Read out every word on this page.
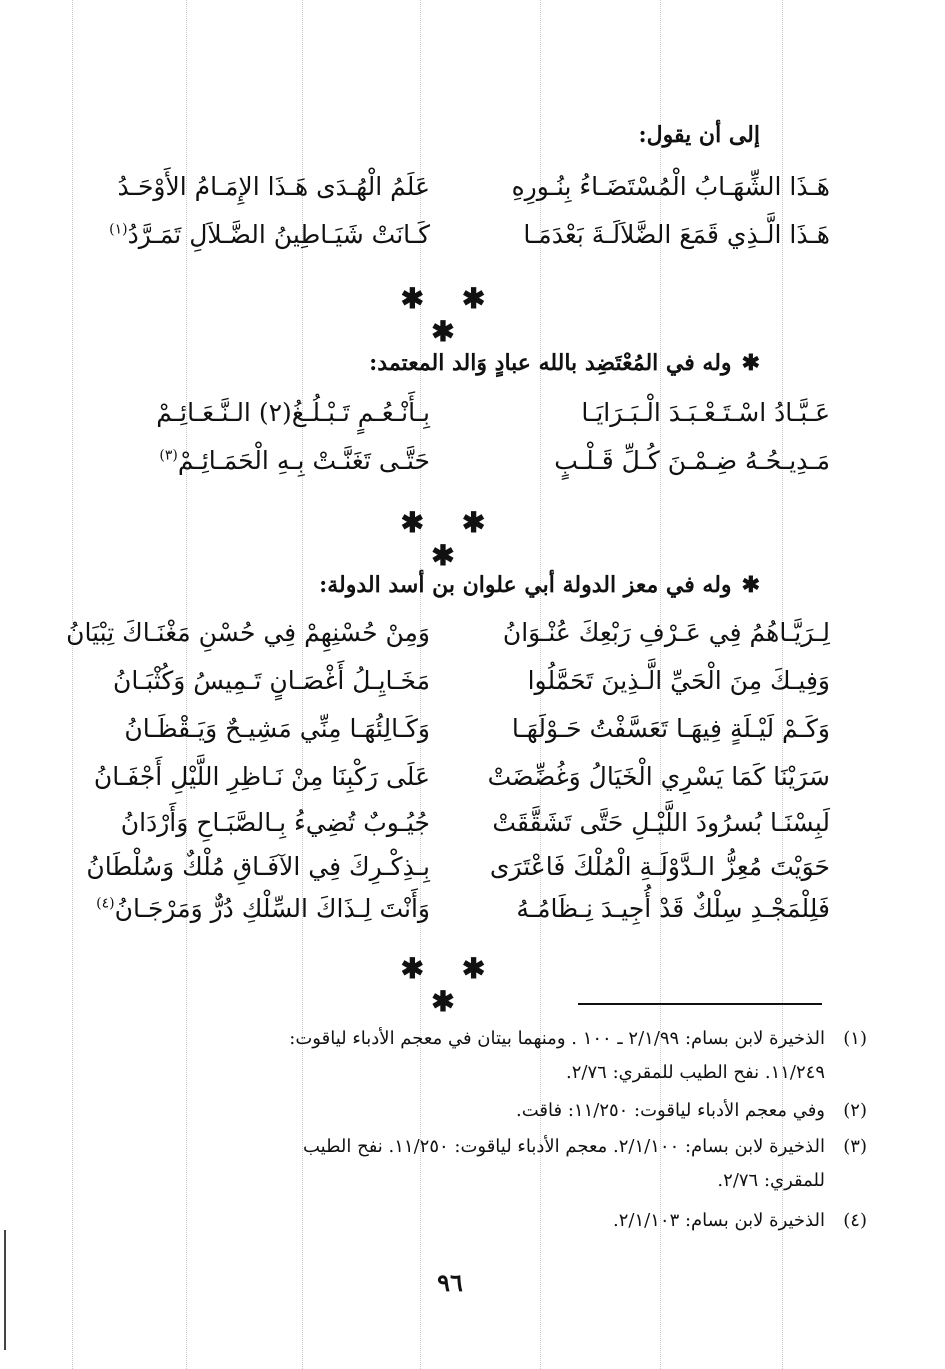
إلى أن يقول:
هَـذَا الشِّهَـابُ الْمُسْتَضَـاءُ بِنُـورِهِ
عَلَمُ الْهُـدَى هَـذَا الإِمَـامُ الأَوْحَـدُ
هَـذَا الَّـذِي قَمَعَ الضَّلاَلَـةَ بَعْدَمَـا
كَـانَتْ شَيَـاطِينُ الضَّـلاَلِ تَمَـرَّدُ$^{(١)}$
✱ ✱ ✱
✱وله في المُعْتَضِد بالله عبادٍ وَالد المعتمد:
عَـبَّـادُ اسْـتَـعْـبَـدَ الْـبَـرَايَـا
بِـأَنْـعُـمٍ تَـبْـلُـغُ(٢) الـنَّـعَـائِـمْ
مَـدِيـحُـهُ ضِـمْـنَ كُـلِّ قَـلْـبٍ
حَتَّـى تَغَنَّـتْ بِـهِ الْحَمَـائِـمْ$^{(٣)}$
✱ ✱ ✱
✱وله في معز الدولة أبي علوان بن أسد الدولة:
لِـرَيَّـاهُمُ فِي عَـرْفِ رَبْعِكَ عُنْـوَانُ
وَمِنْ حُسْنِهِمْ فِي حُسْنِ مَغْنَـاكَ تِبْيَانُ
وَفِيـكَ مِنَ الْحَيِّ الَّـذِينَ تَحَمَّلُوا
مَخَـايِـلُ أَغْصَـانٍ تَـمِيسُ وَكُثْبَـانُ
وَكَـمْ لَيْـلَةٍ فِيهَـا تَعَسَّفْتُ حَـوْلَهَـا
وَكَـالِئُهَـا مِنِّي مَشِيـحٌ وَيَـقْظَـانُ
سَرَيْنَا كَمَا يَسْرِي الْخَيَالُ وَغُضِّضَتْ
عَلَى رَكْبِنَا مِنْ نَـاظِرِ اللَّيْلِ أَجْفَـانُ
لَبِسْنَـا بُسرُودَ اللَّيْـلِ حَتَّى تَشَقَّقَتْ
جُيُـوبٌ تُضِيءُ بِـالصَّبَـاحِ وَأَرْدَانُ
حَوَيْتَ مُعِزُّ الـدَّوْلَـةِ الْمُلْكَ فَاعْتَرَى
بِـذِكْـرِكَ فِي الآفَـاقِ مُلْكٌ وَسُلْطَانُ
فَلِلْمَجْـدِ سِلْكٌ قَدْ أُجِيـدَ نِـظَامُـهُ
وَأَنْتَ لِـذَاكَ السِّلْكِ دُرٌّ وَمَرْجَـانُ$^{(٤)}$
✱ ✱ ✱
(١)
الذخيرة لابن بسام: ٢/١/٩٩ ـ ١٠٠ . ومنهما بيتان في معجم الأدباء لياقوت:
١١/٢٤٩. نفح الطيب للمقري: ٢/٧٦.
(٢)
وفي معجم الأدباء لياقوت: ١١/٢٥٠: فاقت.
(٣)
الذخيرة لابن بسام: ٢/١/١٠٠. معجم الأدباء لياقوت: ١١/٢٥٠. نفح الطيب
للمقري: ٢/٧٦.
(٤)
الذخيرة لابن بسام: ٢/١/١٠٣.
٩٦
